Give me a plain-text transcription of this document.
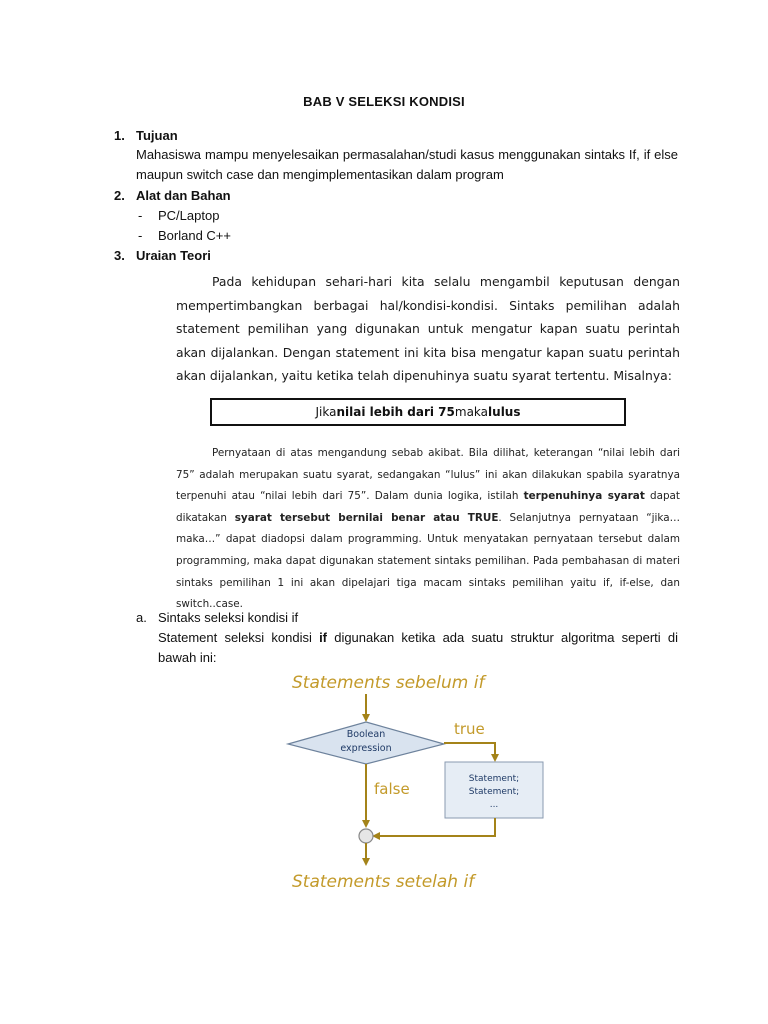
BAB V SELEKSI KONDISI
1. Tujuan
Mahasiswa mampu menyelesaikan permasalahan/studi kasus menggunakan sintaks If, if else maupun switch case dan mengimplementasikan dalam program
2. Alat dan Bahan
- PC/Laptop
- Borland C++
3. Uraian Teori
Pada kehidupan sehari-hari kita selalu mengambil keputusan dengan mempertimbangkan berbagai hal/kondisi-kondisi. Sintaks pemilihan adalah statement pemilihan yang digunakan untuk mengatur kapan suatu perintah akan dijalankan. Dengan statement ini kita bisa mengatur kapan suatu perintah akan dijalankan, yaitu ketika telah dipenuhinya suatu syarat tertentu. Misalnya:
Jika nilai lebih dari 75 maka lulus
Pernyataan di atas mengandung sebab akibat. Bila dilihat, keterangan “nilai lebih dari 75” adalah merupakan suatu syarat, sedangakan “lulus” ini akan dilakukan spabila syaratnya terpenuhi atau “nilai lebih dari 75”. Dalam dunia logika, istilah terpenuhinya syarat dapat dikatakan syarat tersebut bernilai benar atau TRUE. Selanjutnya pernyataan “jika…maka…” dapat diadopsi dalam programming. Untuk menyatakan pernyataan tersebut dalam programming, maka dapat digunakan statement sintaks pemilihan. Pada pembahasan di materi sintaks pemilihan 1 ini akan dipelajari tiga macam sintaks pemilihan yaitu if, if-else, dan switch..case.
a. Sintaks seleksi kondisi if
Statement seleksi kondisi if digunakan ketika ada suatu struktur algoritma seperti di bawah ini:
Statements sebelum if
Boolean
expression
true
Statement;
Statement;
...
false
Statements setelah if
